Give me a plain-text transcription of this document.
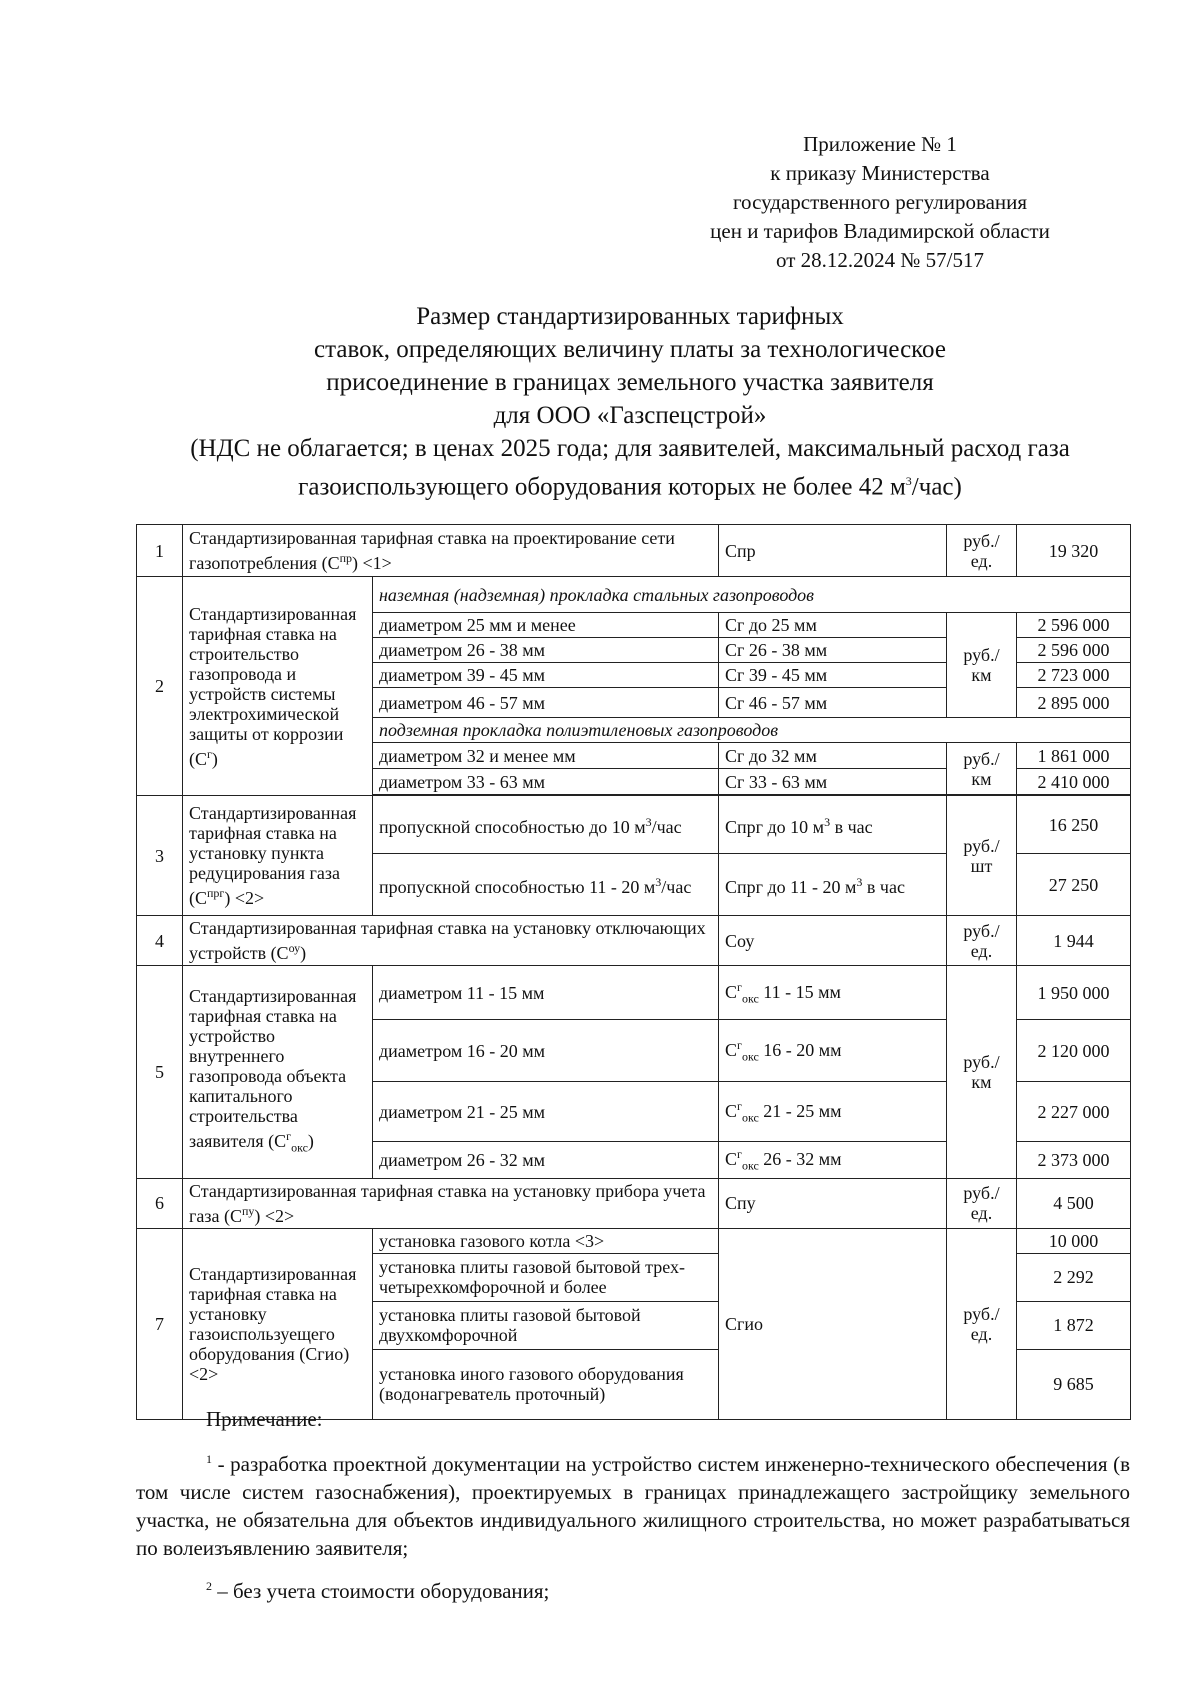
Приложение № 1
к приказу Министерства
государственного регулирования
цен и тарифов Владимирской области
от 28.12.2024 № 57/517
Размер стандартизированных тарифных
ставок, определяющих величину платы за технологическое
присоединение в границах земельного участка заявителя
для ООО «Газспецстрой»
(НДС не облагается; в ценах 2025 года; для заявителей, максимальный расход газа
газоиспользующего оборудования которых не более 42 $м^3/час$)
1	Стандартизированная тарифная ставка на проектирование сети газопотребления $(С^{пр}) <1>$		Спр	руб./ ед.	19 320
2	Стандартизированная тарифная ставка на строительство газопровода и устройств системы электрохимической защиты от коррозии $(С^г)$	наземная (надземная) прокладка стальных газопроводов			
		диаметром 25 мм и менее	Сг до 25 мм	руб./ км	2 596 000
		диаметром 26 - 38 мм	Сг 26 - 38 мм		2 596 000
		диаметром 39 - 45 мм	Сг 39 - 45 мм		2 723 000
		диаметром 46 - 57 мм	Сг 46 - 57 мм		2 895 000
		подземная прокладка полиэтиленовых газопроводов			
		диаметром 32 и менее мм	Сг до 32 мм	руб./ км	1 861 000
		диаметром 33 - 63 мм	Сг 33 - 63 мм		2 410 000

3	Стандартизированная тарифная ставка на установку пункта редуцирования газа $(С^{прг}) <2>$	пропускной способностью до 10 $м^3$/час	Спрг до 10 $м^3$ в час	руб./ шт	16 250
		пропускной способностью 11 - 20 $м^3$/час	Спрг до 11 - 20 $м^3$ в час		27 250
4	Стандартизированная тарифная ставка на установку отключающих устройств $(С^{оу})$		Соу	руб./ ед.	1 944
5	Стандартизированная тарифная ставка на устройство внутреннего газопровода объекта капитального строительства заявителя $(С^г_{окс})$	диаметром 11 - 15 мм	$С^г_{окс}$ 11 - 15 мм	руб./ км	1 950 000
		диаметром 16 - 20 мм	$С^г_{окс}$ 16 - 20 мм		2 120 000
		диаметром 21 - 25 мм	$С^г_{окс}$ 21 - 25 мм		2 227 000
		диаметром 26 - 32 мм	$С^г_{окс}$ 26 - 32 мм		2 373 000
6	Стандартизированная тарифная ставка на установку прибора учета газа $(С^{пу}) <2>$		Спу	руб./ ед.	4 500
7	Стандартизированная тарифная ставка на установку газоиспользуещего оборудования (Сгио) <2>	установка газового котла <3>	Сгио	руб./ ед.	10 000
		установка плиты газовой бытовой трех-четырехкомфорочной и более			2 292
		установка плиты газовой бытовой двухкомфорочной			1 872
		установка иного газового оборудования (водонагреватель проточный)			9 685

Примечание:

$^1$ - разработка проектной документации на устройство систем инженерно-технического обеспечения (в том числе систем газоснабжения), проектируемых в границах принадлежащего застройщику земельного участка, не обязательна для объектов индивидуального жилищного строительства, но может разрабатываться по волеизъявлению заявителя;

$^2$ – без учета стоимости оборудования;
